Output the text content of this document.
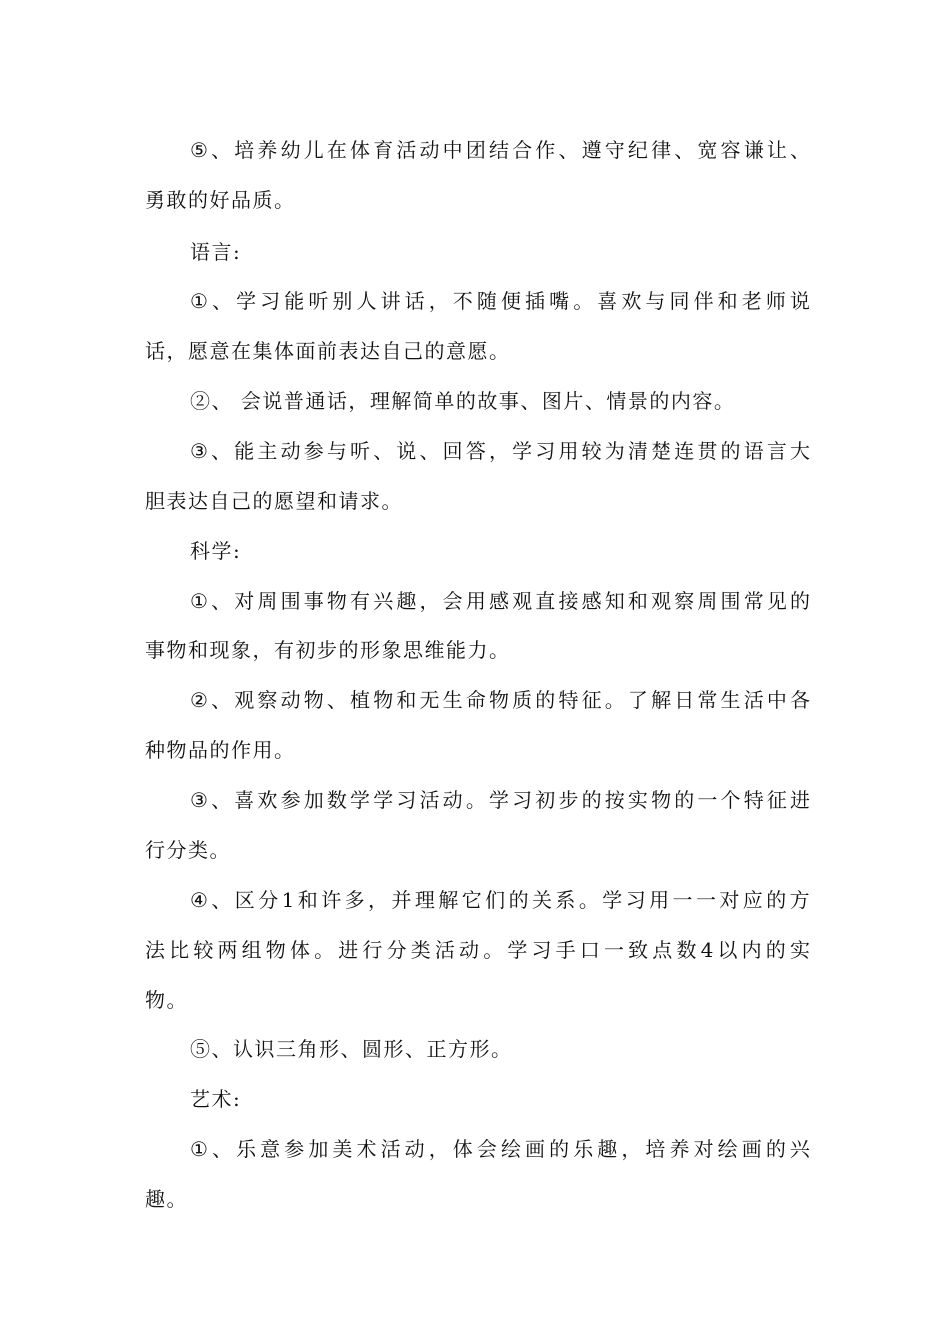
⑤ 、 培 养 幼 儿 在 体 育 活 动 中 团 结 合 作 、 遵 守 纪 律 、 宽 容 谦 让 、
勇敢的好品质。
语言:
① 、 学 习 能 听 别 人 讲 话 ， 不 随 便 插 嘴 。 喜 欢 与 同 伴 和 老 师 说
话，愿意在集体面前表达自己的意愿。
②、 会说普通话，理解简单的故事、图片、情景的内容。
③ 、 能 主 动 参 与 听 、 说 、 回 答 ， 学 习 用 较 为 清 楚 连 贯 的 语 言 大
胆表达自己的愿望和请求。
科学:
① 、 对 周 围 事 物 有 兴 趣 ， 会 用 感 观 直 接 感 知 和 观 察 周 围 常 见 的
事物和现象，有初步的形象思维能力。
② 、 观 察 动 物 、 植 物 和 无 生 命 物 质 的 特 征 。 了 解 日 常 生 活 中 各
种物品的作用。
③ 、 喜 欢 参 加 数 学 学 习 活 动 。 学 习 初 步 的 按 实 物 的 一 个 特 征 进
行分类。
④ 、 区 分 1 和 许 多 ， 并 理 解 它 们 的 关 系 。 学 习 用 一 一 对 应 的 方
法 比 较 两 组 物 体 。 进 行 分 类 活 动 。 学 习 手 口 一 致 点 数 4 以 内 的 实
物。
⑤、认识三角形、圆形、正方形。
艺术:
① 、 乐 意 参 加 美 术 活 动 ， 体 会 绘 画 的 乐 趣 ， 培 养 对 绘 画 的 兴
趣。
